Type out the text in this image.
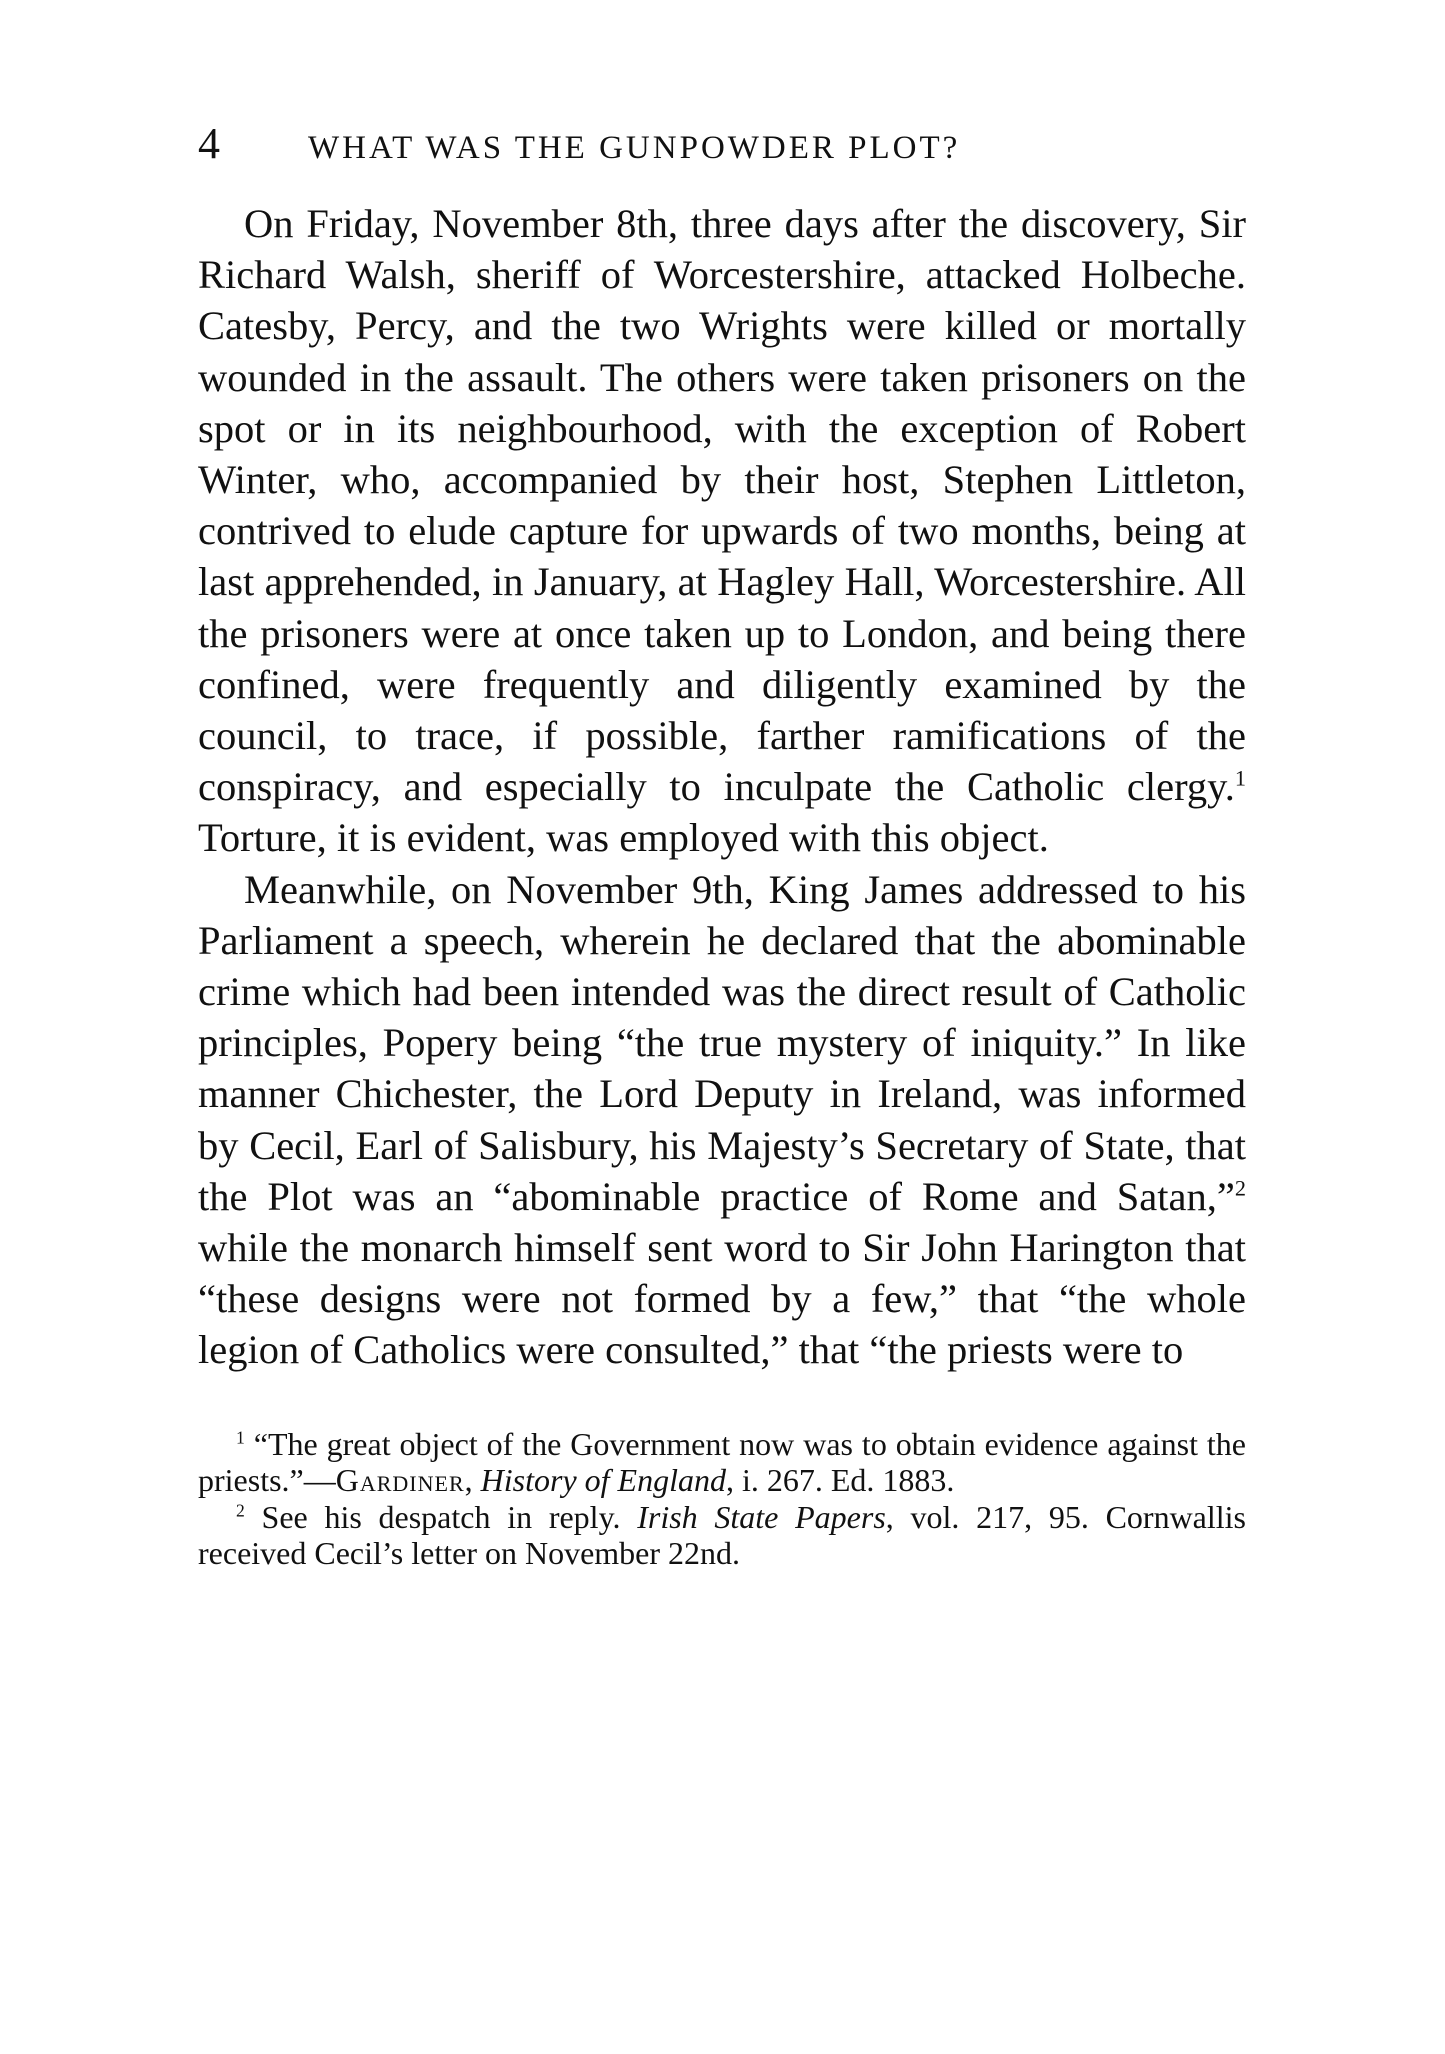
4	WHAT WAS THE GUNPOWDER PLOT?

On Friday, November 8th, three days after the discovery, Sir Richard Walsh, sheriff of Worcestershire, attacked Holbeche. Catesby, Percy, and the two Wrights were killed or mortally wounded in the assault. The others were taken prisoners on the spot or in its neighbourhood, with the exception of Robert Winter, who, accompanied by their host, Stephen Littleton, contrived to elude capture for upwards of two months, being at last apprehended, in January, at Hagley Hall, Worcestershire. All the prisoners were at once taken up to London, and being there confined, were frequently and diligently examined by the council, to trace, if possible, farther ramifications of the conspiracy, and especially to inculpate the Catholic clergy.$^1$ Torture, it is evident, was employed with this object.

Meanwhile, on November 9th, King James addressed to his Parliament a speech, wherein he declared that the abominable crime which had been intended was the direct result of Catholic principles, Popery being “the true mystery of iniquity.” In like manner Chichester, the Lord Deputy in Ireland, was informed by Cecil, Earl of Salisbury, his Majesty’s Secretary of State, that the Plot was an “abominable practice of Rome and Satan,”$^2$ while the monarch himself sent word to Sir John Harington that “these designs were not formed by a few,” that “the whole legion of Catholics were consulted,” that “the priests were to

$^1$ “The great object of the Government now was to obtain evidence against the priests.”—Gardiner, History of England, i. 267. Ed. 1883.

$^2$ See his despatch in reply. Irish State Papers, vol. 217, 95. Cornwallis received Cecil’s letter on November 22nd.
